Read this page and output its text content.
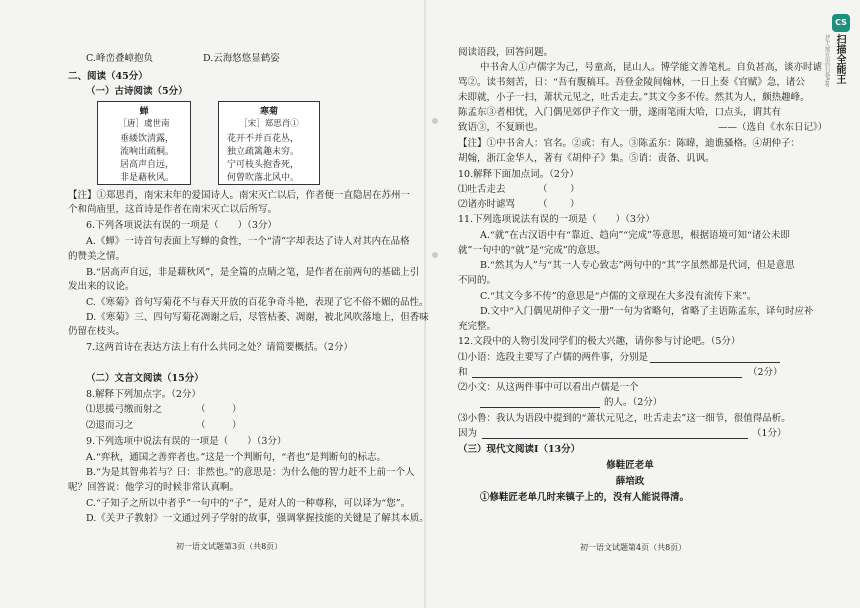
C.峰峦叠嶂抱负	D.云海悠悠显鹤姿
二、阅读（45分）
（一）古诗阅读（5分）
蝉
［唐］虞世南
垂緌饮清露，
流响出疏桐。
居高声自远，
非是藉秋风。
寒菊
［宋］郑思肖①
花开不并百花丛，
独立疏篱趣未穷。
宁可枝头抱香死，
何曾吹落北风中。
【注】①郑思肖，南宋末年的爱国诗人。南宋灭亡以后，作者便一直隐居在苏州一
个和尚庙里，这首诗是作者在南宋灭亡以后所写。
6.下列各项说法有误的一项是（　　）（3分）
A.《蝉》一诗首句表面上写蝉的食性，一个“清”字却表达了诗人对其内在品格
的赞美之情。
B.“居高声自远，非是藉秋风”，是全篇的点睛之笔，是作者在前两句的基础上引
发出来的议论。
C.《寒菊》首句写菊花不与春天开放的百花争奇斗艳，表现了它不俗不媚的品性。
D.《寒菊》三、四句写菊花凋谢之后，尽管枯萎、凋谢，被北风吹落地上，但香味
仍留在枝头。
7.这两首诗在表达方法上有什么共同之处？请简要概括。（2分）
（二）文言文阅读（15分）
8.解释下列加点字。（2分）
⑴思援弓缴而射之	（	）
⑵退而习之	（	）
9.下列选项中说法有误的一项是（　　）（3分）
A.“弈秋，通国之善弈者也。”这是一个判断句，“者也”是判断句的标志。
B.“为是其智弗若与？曰：非然也。”的意思是：为什么他的智力赶不上前一个人
呢？回答说：他学习的时候非常认真啊。
C.“子知子之所以中者乎”一句中的“子”，是对人的一种尊称，可以译为“您”。
D.《关尹子教射》一文通过列子学射的故事，强调掌握技能的关键是了解其本质。
初一语文试题第3页（共8页）
阅读语段，回答问题。
中书舍人①卢儒字为己，号童高，昆山人。博学能文善笔札。自负甚高，谈亦时谑
骂②。读书刻苦，日：“吾有腹稿耳。吾登金陵间翰林，一日上奏《官赋》急，诸公
未即就，小子一扫，萧状元见之，吐舌走去。”其文今多不传。然其为人，颇热趣峰。
陈孟东③者相忧，入门偶见郊伊子作文一册，遂雨笔雨大哈，口点头，谓其有
致语③，不复顾也。	——（选自《水东日记》）
【注】①中书舍人：官名。②或：有人。③陈孟东：陈暐，迪谯骚格。④胡仲子：
胡翰，浙江金华人，著有《胡仲子》集。⑤诮：责备、讥讽。
10.解释下面加点词。（2分）
⑴吐舌走去	（ ）
⑵诸亦时谑骂 （ ）
11.下列选项说法有误的一项是（　　）（3分）
A.“就”在古汉语中有“靠近、趋向”“完成”等意思，根据语境可知“诸公未即
就”一句中的“就”是“完成”的意思。
B.“然其为人”与“其一人专心致志”两句中的“其”字虽然都是代词，但是意思
不同的。
C.“其文今多不传”的意思是“卢儒的文章现在大多没有流传下来”。
D.文中“入门偶见胡仲子文一册”一句为省略句，省略了主语陈孟东，译句时应补
充完整。
12.文段中的人物引发同学们的极大兴趣，请你参与讨论吧。（5分）
⑴小语：选段主要写了卢儒的两件事，分别是
和	（2分）
⑵小文：从这两件事中可以看出卢儒是一个
的人。（2分）
⑶小鲁：我认为语段中提到的“萧状元见之，吐舌走去”这一细节，很值得品析。
因为	（1分）
（三）现代文阅读Ⅰ（13分）
修鞋匠老单
薛培政
①修鞋匠老单几时来镇子上的，没有人能说得清。
初一语文试题第4页（共8页）
CS
扫描全能王
3亿人都在用的扫描App
